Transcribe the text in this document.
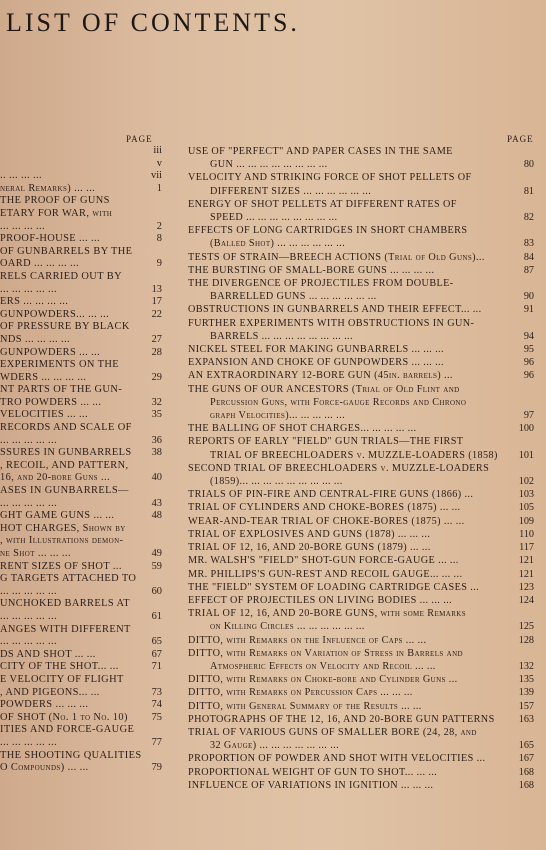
LIST OF CONTENTS.
PAGE	PAGE
iii
v
.. ... ... ...	vii
neral Remarks) ... ...	1
THE PROOF OF GUNS
ETARY FOR WAR, with
... ... ... ...	2
PROOF-HOUSE ... ...	8
OF GUNBARRELS BY THE
OARD ... ... ... ...	9
RELS CARRIED OUT BY
... ... ... ... ...	13
ERS ... ... ... ...	17
GUNPOWDERS... ... ...	22
OF PRESSURE BY BLACK
NDS ... ... ... ...	27
GUNPOWDERS ... ...	28
EXPERIMENTS ON THE
WDERS ... ... ... ...	29
NT PARTS OF THE GUN-
TRO POWDERS ... ...	32
VELOCITIES ... ...	35
RECORDS AND SCALE OF
... ... ... ... ...	36
SSURES IN GUNBARRELS	38
, RECOIL, AND PATTERN,
16, and 20-bore Guns ...	40
ASES IN GUNBARRELS—
... ... ... ... ...	43
GHT GAME GUNS ... ...	48
HOT CHARGES, Shown by
, with Illustrations demon-
ne Shot ... ... ...	49
RENT SIZES OF SHOT ...	59
G TARGETS ATTACHED TO
... ... ... ... ...	60
UNCHOKED BARRELS AT
... ... ... ... ...	61
ANGES WITH DIFFERENT
... ... ... ... ...	65
DS AND SHOT ... ...	67
CITY OF THE SHOT... ...	71
E VELOCITY OF FLIGHT
, AND PIGEONS... ...	73
POWDERS ... ... ...	74
OF SHOT (No. 1 to No. 10)	75
ITIES AND FORCE-GAUGE
... ... ... ... ...	77
THE SHOOTING QUALITIES
O Compounds) ... ...	79
USE OF "PERFECT" AND PAPER CASES IN THE SAME
GUN ... ... ... ... ... ... ... ...	80
VELOCITY AND STRIKING FORCE OF SHOT PELLETS OF
DIFFERENT SIZES ... ... ... ... ... ...	81
ENERGY OF SHOT PELLETS AT DIFFERENT RATES OF
SPEED ... ... ... ... ... ... ... ...	82
EFFECTS OF LONG CARTRIDGES IN SHORT CHAMBERS
(Balled Shot) ... ... ... ... ... ...	83
TESTS OF STRAIN—BREECH ACTIONS (Trial of Old Guns)...	84
THE BURSTING OF SMALL-BORE GUNS ... ... ... ...	87
THE DIVERGENCE OF PROJECTILES FROM DOUBLE-
BARRELLED GUNS ... ... ... ... ... ...	90
OBSTRUCTIONS IN GUNBARRELS AND THEIR EFFECT... ...	91
FURTHER EXPERIMENTS WITH OBSTRUCTIONS IN GUN-
BARRELS ... ... ... ... ... ... ... ...	94
NICKEL STEEL FOR MAKING GUNBARRELS ... ... ...	95
EXPANSION AND CHOKE OF GUNPOWDERS ... ... ...	96
AN EXTRAORDINARY 12-BORE GUN (45in. barrels) ...	96
THE GUNS OF OUR ANCESTORS (Trial of Old Flint and
Percussion Guns, with Force-gauge Records and Chrono
graph Velocities)... ... ... ... ...	97
THE BALLING OF SHOT CHARGES... ... ... ... ...	100
REPORTS OF EARLY "FIELD" GUN TRIALS—THE FIRST
TRIAL OF BREECHLOADERS v. MUZZLE-LOADERS (1858)	101
SECOND TRIAL OF BREECHLOADERS v. MUZZLE-LOADERS
(1859)... ... ... ... ... ... ... ... ...	102
TRIALS OF PIN-FIRE AND CENTRAL-FIRE GUNS (1866) ...	103
TRIAL OF CYLINDERS AND CHOKE-BORES (1875) ... ...	105
WEAR-AND-TEAR TRIAL OF CHOKE-BORES (1875) ... ...	109
TRIAL OF EXPLOSIVES AND GUNS (1878) ... ... ...	110
TRIAL OF 12, 16, AND 20-BORE GUNS (1879) ... ...	117
MR. WALSH'S "FIELD" SHOT-GUN FORCE-GAUGE ... ...	121
MR. PHILLIPS'S GUN-REST AND RECOIL GAUGE... ... ...	121
THE "FIELD" SYSTEM OF LOADING CARTRIDGE CASES ...	123
EFFECT OF PROJECTILES ON LIVING BODIES ... ... ...	124
TRIAL OF 12, 16, AND 20-BORE GUNS, with some Remarks
on Killing Circles ... ... ... ... ... ...	125
DITTO, with Remarks on the Influence of Caps ... ...	128
DITTO, with Remarks on Variation of Stress in Barrels and
Atmospheric Effects on Velocity and Recoil ... ...	132
DITTO, with Remarks on Choke-bore and Cylinder Guns ...	135
DITTO, with Remarks on Percussion Caps ... ... ...	139
DITTO, with General Summary of the Results ... ...	157
PHOTOGRAPHS OF THE 12, 16, AND 20-BORE GUN PATTERNS	163
TRIAL OF VARIOUS GUNS OF SMALLER BORE (24, 28, and
32 Gauge) ... ... ... ... ... ... ...	165
PROPORTION OF POWDER AND SHOT WITH VELOCITIES ...	167
PROPORTIONAL WEIGHT OF GUN TO SHOT... ... ...	168
INFLUENCE OF VARIATIONS IN IGNITION ... ... ...	168
